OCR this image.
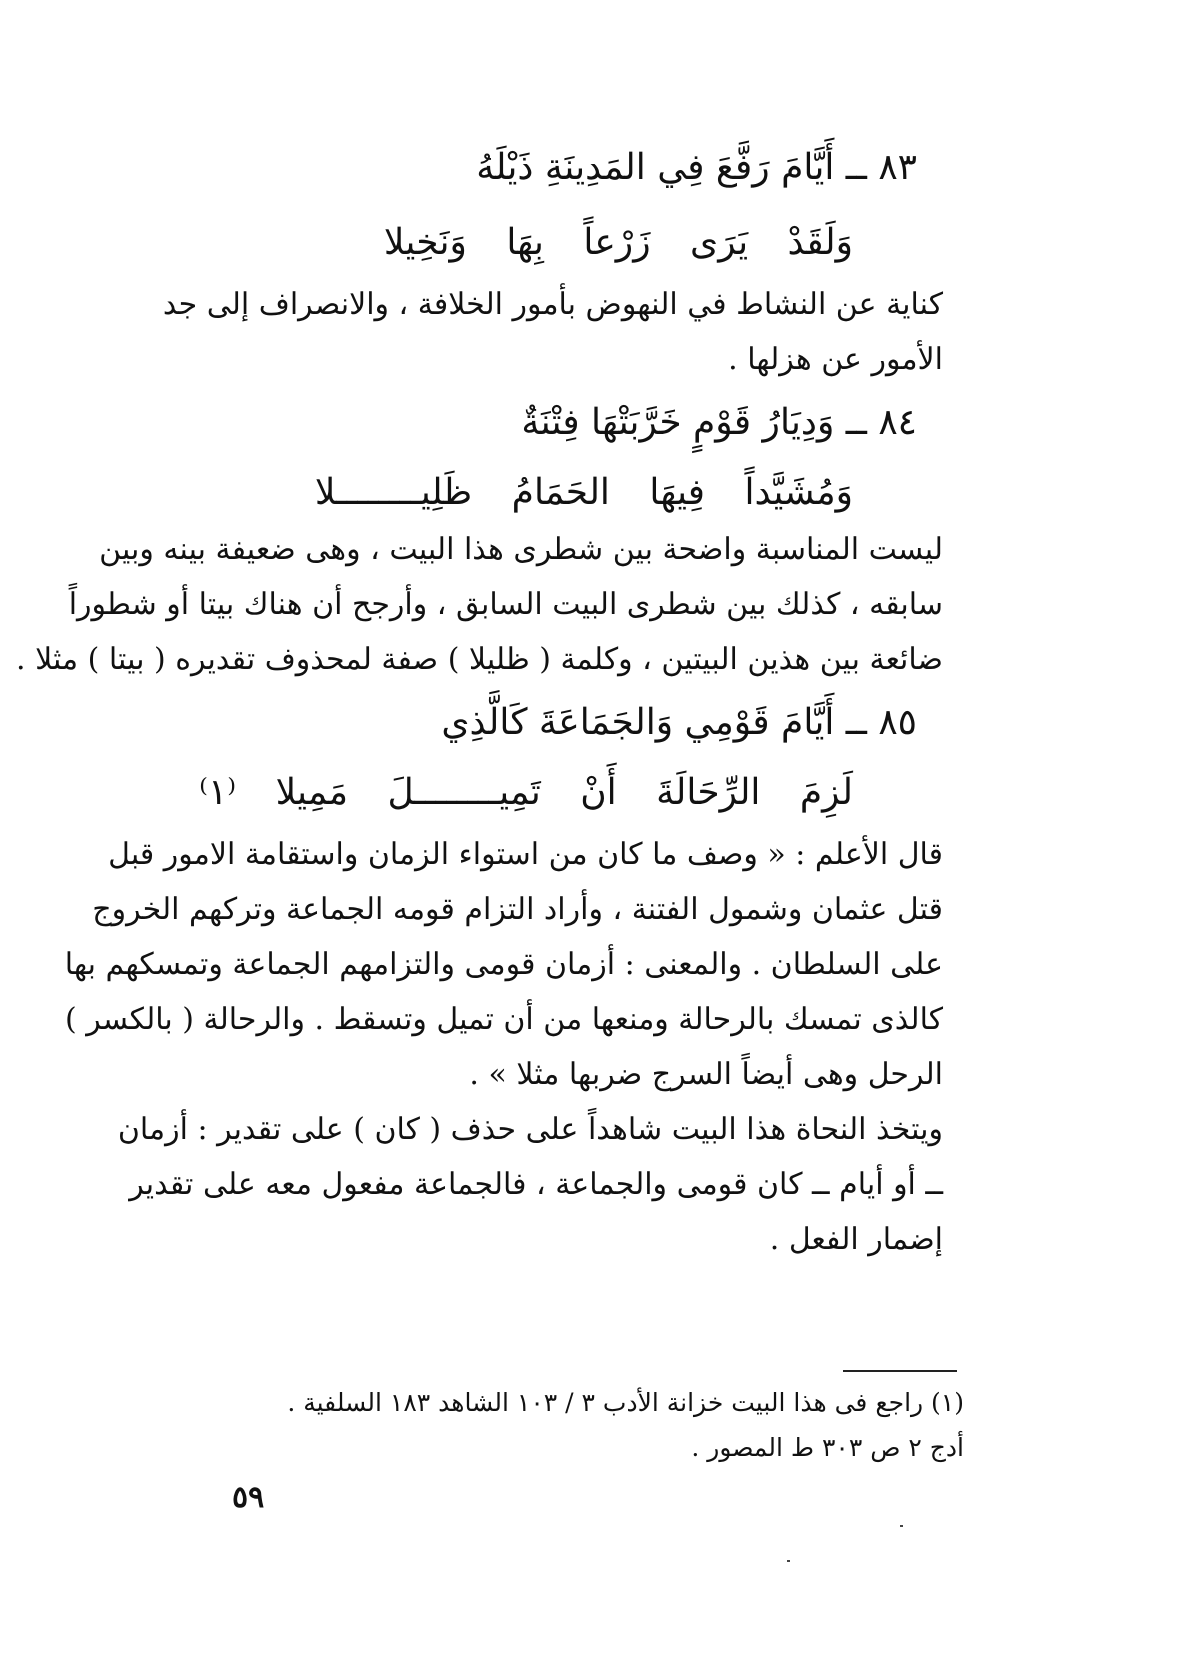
٨٣ ــ أَيَّامَ رَفَّعَ فِي المَدِينَةِ ذَيْلَهُ
وَلَقَدْ يَرَى زَرْعاً بِهَا وَنَخِيلا
كناية عن النشاط في النهوض بأمور الخلافة ، والانصراف إلى جد
الأمور عن هزلها .
٨٤ ــ وَدِيَارُ قَوْمٍ خَرَّبَتْهَا فِتْنَةٌ
وَمُشَيَّداً فِيهَا الحَمَامُ ظَلِيــــــــلا
ليست المناسبة واضحة بين شطرى هذا البيت ، وهى ضعيفة بينه وبين
سابقه ، كذلك بين شطرى البيت السابق ، وأرجح أن هناك بيتا أو شطوراً
ضائعة بين هذين البيتين ، وكلمة ( ظليلا ) صفة لمحذوف تقديره ( بيتا ) مثلا .
٨٥ ــ أَيَّامَ قَوْمِي وَالجَمَاعَةَ كَالَّذِي
لَزِمَ الرِّحَالَةَ أَنْ تَمِيــــــــلَ مَمِيلا ⁽١⁾
قال الأعلم : « وصف ما كان من استواء الزمان واستقامة الامور قبل
قتل عثمان وشمول الفتنة ، وأراد التزام قومه الجماعة وتركهم الخروج
على السلطان . والمعنى : أزمان قومى والتزامهم الجماعة وتمسكهم بها
كالذى تمسك بالرحالة ومنعها من أن تميل وتسقط . والرحالة ( بالكسر )
الرحل وهى أيضاً السرج ضربها مثلا » .
ويتخذ النحاة هذا البيت شاهداً على حذف ( كان ) على تقدير : أزمان
ــ أو أيام ــ كان قومى والجماعة ، فالجماعة مفعول معه على تقدير
إضمار الفعل .
(١) راجع فى هذا البيت خزانة الأدب ٣ / ١٠٣ الشاهد ١٨٣ السلفية .
أدج ٢ ص ٣٠٣ ط المصور .
٥٩
